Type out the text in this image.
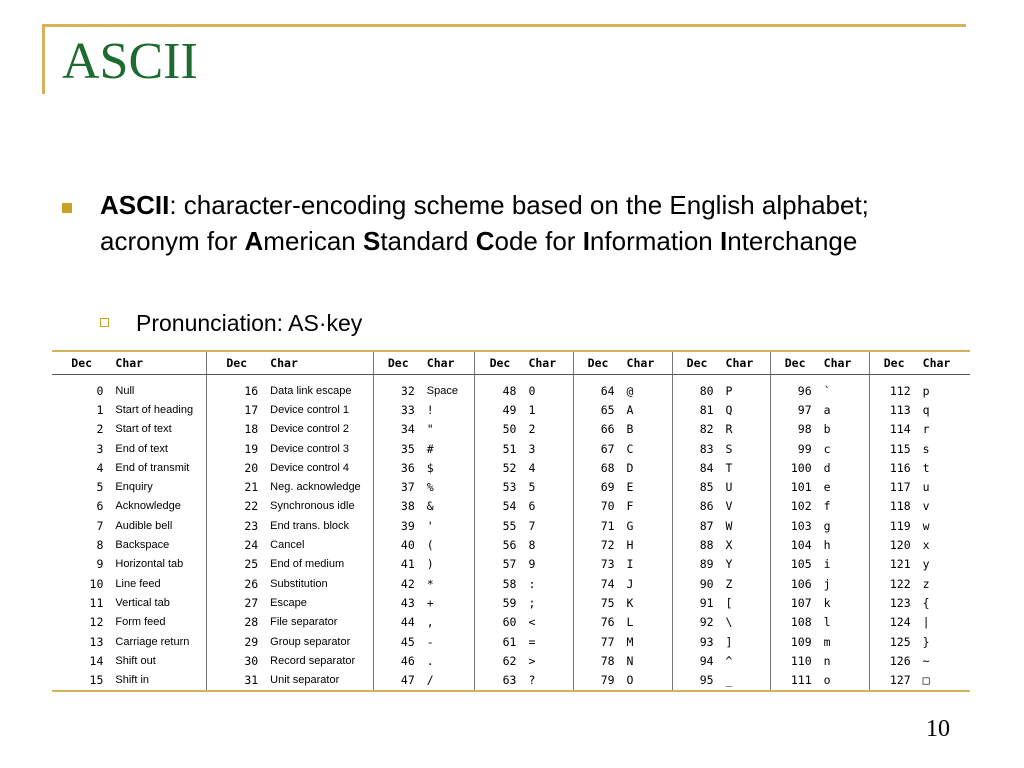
ASCII
ASCII: character-encoding scheme based on the English alphabet; acronym for American Standard Code for Information Interchange
Pronunciation: AS·key
Dec	Char	Dec	Char	Dec	Char	Dec	Char	Dec	Char	Dec	Char	Dec	Char	Dec	Char
0	Null	16	Data link escape	32	Space	48	0	64	@	80	P	96	`	112	p
1	Start of heading	17	Device control 1	33	!	49	1	65	A	81	Q	97	a	113	q
2	Start of text	18	Device control 2	34	"	50	2	66	B	82	R	98	b	114	r
3	End of text	19	Device control 3	35	#	51	3	67	C	83	S	99	c	115	s
4	End of transmit	20	Device control 4	36	$	52	4	68	D	84	T	100	d	116	t
5	Enquiry	21	Neg. acknowledge	37	%	53	5	69	E	85	U	101	e	117	u
6	Acknowledge	22	Synchronous idle	38	&	54	6	70	F	86	V	102	f	118	v
7	Audible bell	23	End trans. block	39	'	55	7	71	G	87	W	103	g	119	w
8	Backspace	24	Cancel	40	(	56	8	72	H	88	X	104	h	120	x
9	Horizontal tab	25	End of medium	41	)	57	9	73	I	89	Y	105	i	121	y
10	Line feed	26	Substitution	42	*	58	:	74	J	90	Z	106	j	122	z
11	Vertical tab	27	Escape	43	+	59	;	75	K	91	[	107	k	123	{
12	Form feed	28	File separator	44	,	60	<	76	L	92	\	108	l	124	|
13	Carriage return	29	Group separator	45	-	61	=	77	M	93	]	109	m	125	}
14	Shift out	30	Record separator	46	.	62	>	78	N	94	^	110	n	126	~
15	Shift in	31	Unit separator	47	/	63	?	79	O	95	_	111	o	127	□
10
